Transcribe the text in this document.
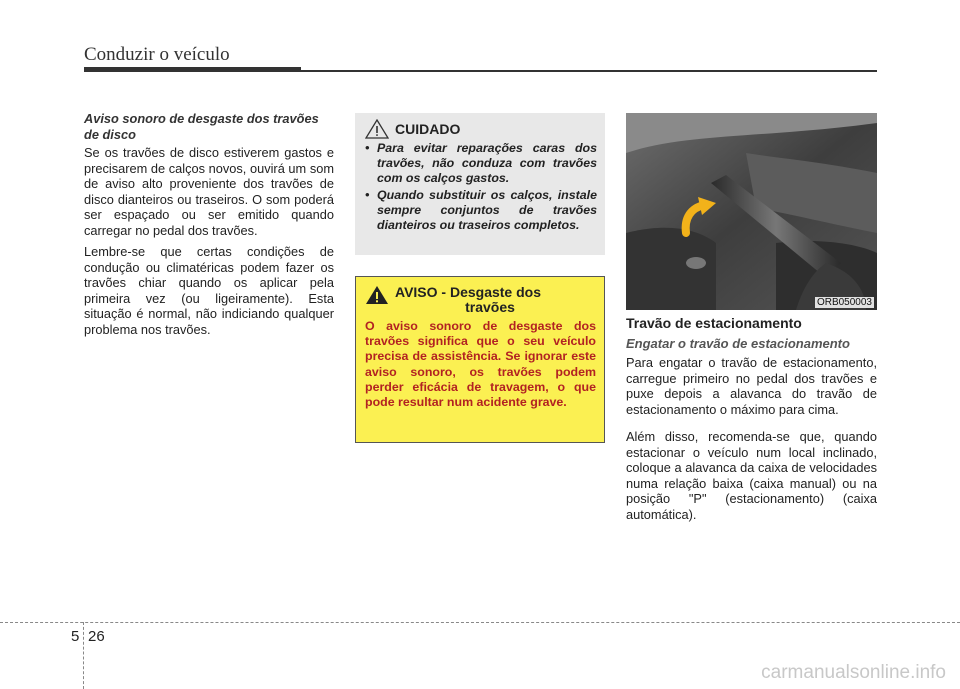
Conduzir o veículo
Aviso sonoro de desgaste dos travões de disco

Se os travões de disco estiverem gastos e precisarem de calços novos, ouvirá um som de aviso alto proveniente dos travões de disco dianteiros ou traseiros. O som poderá ser espaçado ou ser emitido quando carregar no pedal dos travões.

Lembre-se que certas condições de condução ou climatéricas podem fazer os travões chiar quando os aplicar pela primeira vez (ou ligeiramente). Esta situação é normal, não indiciando qualquer problema nos travões.

CUIDADO
• Para evitar reparações caras dos travões, não conduza com travões com os calços gastos.
• Quando substituir os calços, instale sempre conjuntos de travões dianteiros ou traseiros completos.
AVISO - Desgaste dos
travões

O aviso sonoro de desgaste dos travões significa que o seu veículo precisa de assistência. Se ignorar este aviso sonoro, os travões podem perder eficácia de travagem, o que pode resultar num acidente grave.

ORB050003
Travão de estacionamento
Engatar o travão de estacionamento

Para engatar o travão de estacionamento, carregue primeiro no pedal dos travões e puxe depois a alavanca do travão de estacionamento o máximo para cima.

Além disso, recomenda-se que, quando estacionar o veículo num local inclinado, coloque a alavanca da caixa de velocidades numa relação baixa (caixa manual) ou na posição "P" (estacionamento) (caixa automática).

5 26
carmanualsonline.info
